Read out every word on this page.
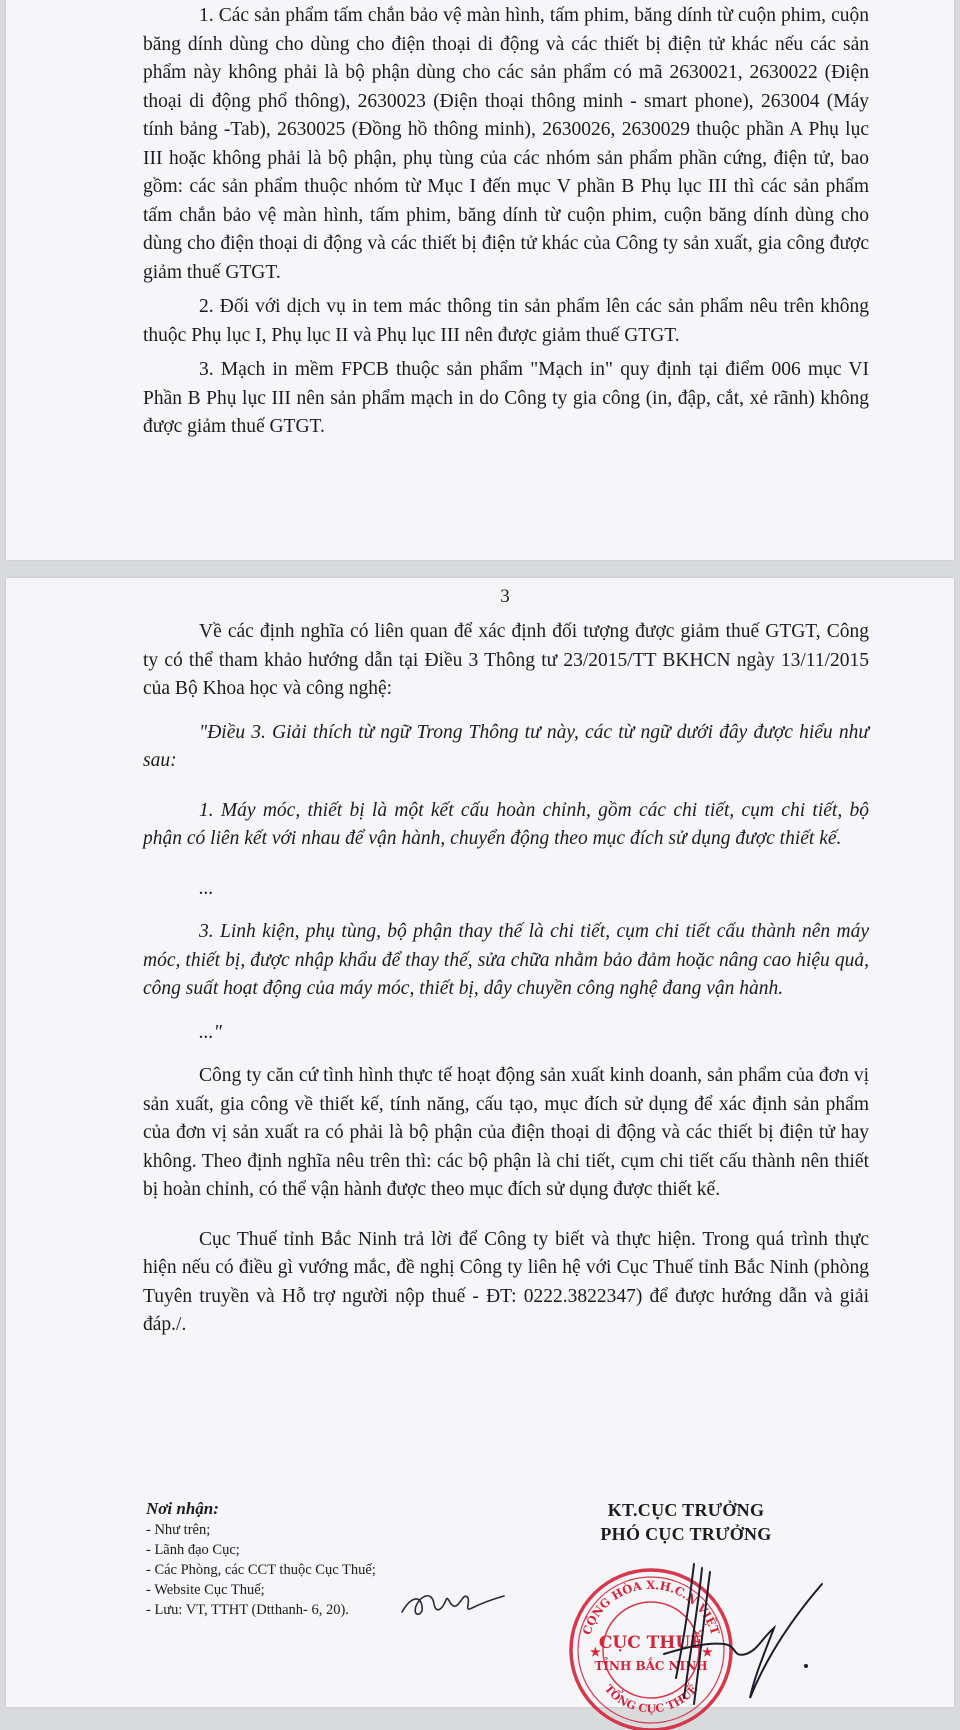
1. Các sản phẩm tấm chắn bảo vệ màn hình, tấm phim, băng dính từ cuộn phim, cuộn băng dính dùng cho dùng cho điện thoại di động và các thiết bị điện tử khác nếu các sản phẩm này không phải là bộ phận dùng cho các sản phẩm có mã 2630021, 2630022 (Điện thoại di động phổ thông), 2630023 (Điện thoại thông minh - smart phone), 263004 (Máy tính bảng -Tab), 2630025 (Đồng hồ thông minh), 2630026, 2630029 thuộc phần A Phụ lục III hoặc không phải là bộ phận, phụ tùng của các nhóm sản phẩm phần cứng, điện tử, bao gồm: các sản phẩm thuộc nhóm từ Mục I đến mục V phần B Phụ lục III thì các sản phẩm tấm chắn bảo vệ màn hình, tấm phim, băng dính từ cuộn phim, cuộn băng dính dùng cho dùng cho điện thoại di động và các thiết bị điện tử khác của Công ty sản xuất, gia công được giảm thuế GTGT.

2. Đối với dịch vụ in tem mác thông tin sản phẩm lên các sản phẩm nêu trên không thuộc Phụ lục I, Phụ lục II và Phụ lục III nên được giảm thuế GTGT.

3. Mạch in mềm FPCB thuộc sản phẩm "Mạch in" quy định tại điểm 006 mục VI Phần B Phụ lục III nên sản phẩm mạch in do Công ty gia công (in, đập, cắt, xẻ rãnh) không được giảm thuế GTGT.

3

Về các định nghĩa có liên quan để xác định đối tượng được giảm thuế GTGT, Công ty có thể tham khảo hướng dẫn tại Điều 3 Thông tư 23/2015/TT BKHCN ngày 13/11/2015 của Bộ Khoa học và công nghệ:

"Điều 3. Giải thích từ ngữ Trong Thông tư này, các từ ngữ dưới đây được hiểu như sau:

1. Máy móc, thiết bị là một kết cấu hoàn chỉnh, gồm các chi tiết, cụm chi tiết, bộ phận có liên kết với nhau để vận hành, chuyển động theo mục đích sử dụng được thiết kế.

...

3. Linh kiện, phụ tùng, bộ phận thay thế là chi tiết, cụm chi tiết cấu thành nên máy móc, thiết bị, được nhập khẩu để thay thế, sửa chữa nhằm bảo đảm hoặc nâng cao hiệu quả, công suất hoạt động của máy móc, thiết bị, dây chuyền công nghệ đang vận hành.

..."

Công ty căn cứ tình hình thực tế hoạt động sản xuất kinh doanh, sản phẩm của đơn vị sản xuất, gia công về thiết kế, tính năng, cấu tạo, mục đích sử dụng để xác định sản phẩm của đơn vị sản xuất ra có phải là bộ phận của điện thoại di động và các thiết bị điện tử hay không. Theo định nghĩa nêu trên thì: các bộ phận là chi tiết, cụm chi tiết cấu thành nên thiết bị hoàn chỉnh, có thể vận hành được theo mục đích sử dụng được thiết kế.

Cục Thuế tỉnh Bắc Ninh trả lời để Công ty biết và thực hiện. Trong quá trình thực hiện nếu có điều gì vướng mắc, đề nghị Công ty liên hệ với Cục Thuế tỉnh Bắc Ninh (phòng Tuyên truyền và Hỗ trợ người nộp thuế - ĐT: 0222.3822347) để được hướng dẫn và giải đáp./.

Nơi nhận:
- Như trên;
- Lãnh đạo Cục;
- Các Phòng, các CCT thuộc Cục Thuế;
- Website Cục Thuế;
- Lưu: VT, TTHT (Dtthanh- 6, 20).
KT.CỤC TRƯỞNG
PHÓ CỤC TRƯỞNG
CỘNG HÒA X.H.C.N VIỆT
CỤC THUẾ
TỈNH BẮC NINH
TỔNG CỤC THUẾ
★	★
